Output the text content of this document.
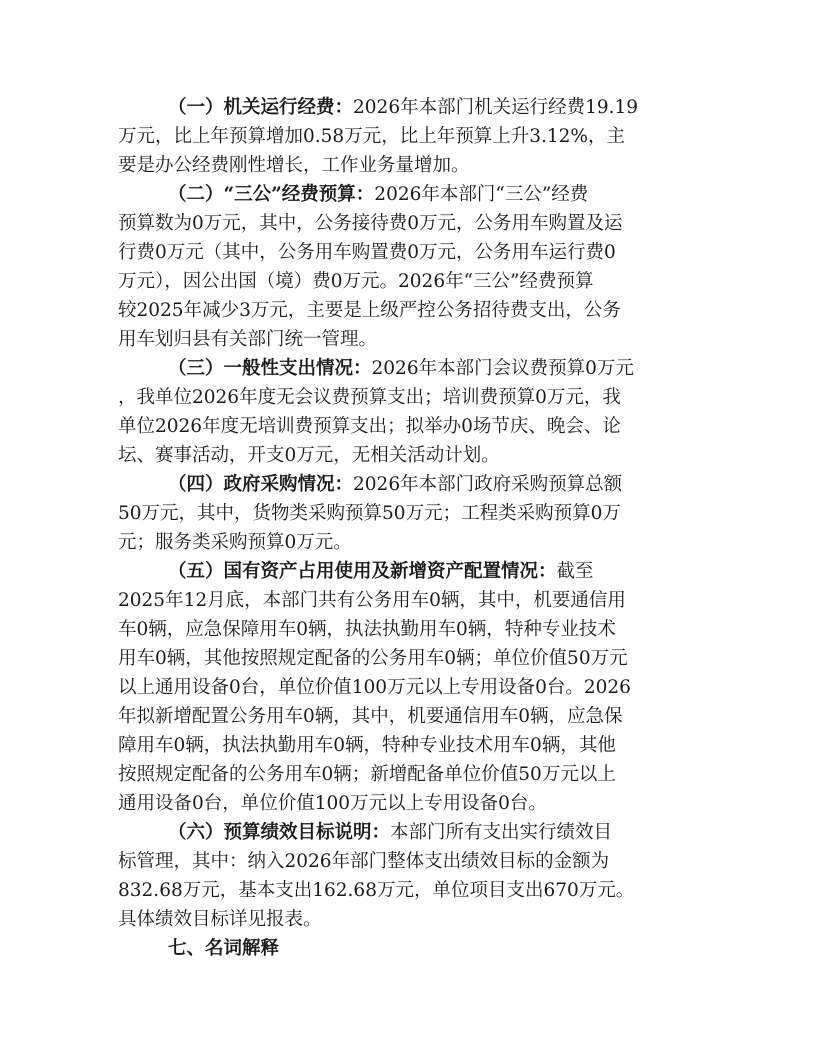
（一）机关运行经费：2026年本部门机关运行经费19.19
万元，比上年预算增加0.58万元，比上年预算上升3.12%，主
要是办公经费刚性增长，工作业务量增加。
（二）“三公”经费预算：2026年本部门“三公”经费
预算数为0万元，其中，公务接待费0万元，公务用车购置及运
行费0万元（其中，公务用车购置费0万元，公务用车运行费0
万元），因公出国（境）费0万元。2026年“三公”经费预算
较2025年减少3万元，主要是上级严控公务招待费支出，公务
用车划归县有关部门统一管理。
（三）一般性支出情况：2026年本部门会议费预算0万元
，我单位2026年度无会议费预算支出；培训费预算0万元，我
单位2026年度无培训费预算支出；拟举办0场节庆、晚会、论
坛、赛事活动，开支0万元，无相关活动计划。
（四）政府采购情况：2026年本部门政府采购预算总额
50万元，其中，货物类采购预算50万元；工程类采购预算0万
元；服务类采购预算0万元。
（五）国有资产占用使用及新增资产配置情况：截至
2025年12月底，本部门共有公务用车0辆，其中，机要通信用
车0辆，应急保障用车0辆，执法执勤用车0辆，特种专业技术
用车0辆，其他按照规定配备的公务用车0辆；单位价值50万元
以上通用设备0台，单位价值100万元以上专用设备0台。2026
年拟新增配置公务用车0辆，其中，机要通信用车0辆，应急保
障用车0辆，执法执勤用车0辆，特种专业技术用车0辆，其他
按照规定配备的公务用车0辆；新增配备单位价值50万元以上
通用设备0台，单位价值100万元以上专用设备0台。
（六）预算绩效目标说明：本部门所有支出实行绩效目
标管理，其中：纳入2026年部门整体支出绩效目标的金额为
832.68万元，基本支出162.68万元，单位项目支出670万元。
具体绩效目标详见报表。
七、名词解释
